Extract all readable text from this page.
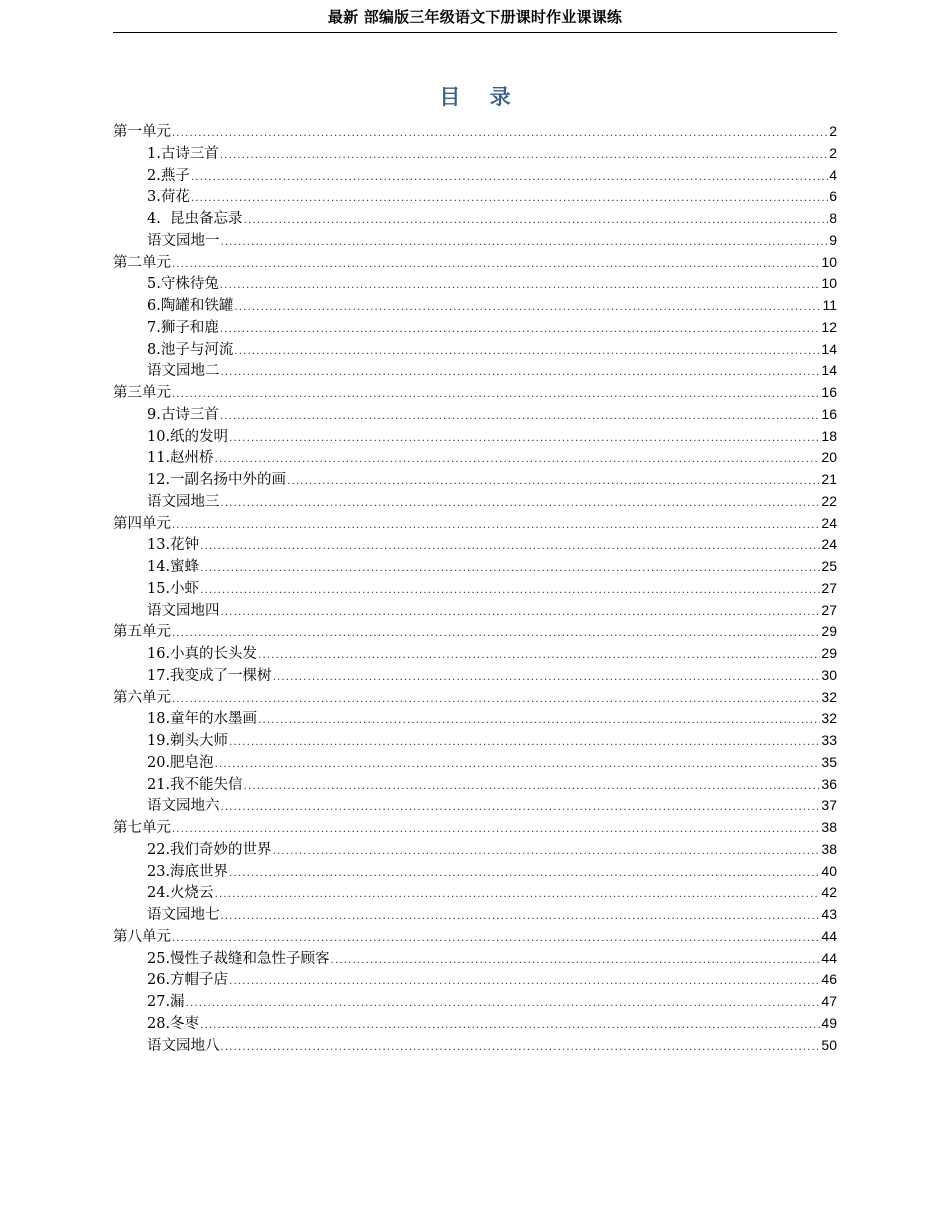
最新 部编版三年级语文下册课时作业课课练
目    录
第一单元 .....	2
1.古诗三首 .....	2
2.燕子 .....	4
3.荷花 .....	6
4.  昆虫备忘录 .....	8
语文园地一 .....	9
第二单元 .....	10
5.守株待兔 .....	10
6.陶罐和铁罐 .....	11
7.狮子和鹿 .....	12
8.池子与河流 .....	14
语文园地二 .....	14
第三单元 .....	16
9.古诗三首 .....	16
10.纸的发明 .....	18
11.赵州桥 .....	20
12.一副名扬中外的画 .....	21
语文园地三 .....	22
第四单元 .....	24
13.花钟 .....	24
14.蜜蜂 .....	25
15.小虾 .....	27
语文园地四 .....	27
第五单元 .....	29
16.小真的长头发 .....	29
17.我变成了一棵树 .....	30
第六单元 .....	32
18.童年的水墨画 .....	32
19.剃头大师 .....	33
20.肥皂泡 .....	35
21.我不能失信 .....	36
语文园地六 .....	37
第七单元 .....	38
22.我们奇妙的世界 .....	38
23.海底世界 .....	40
24.火烧云 .....	42
语文园地七 .....	43
第八单元 .....	44
25.慢性子裁缝和急性子顾客 .....	44
26.方帽子店 .....	46
27.漏 .....	47
28.冬枣 .....	49
语文园地八 .....	50
